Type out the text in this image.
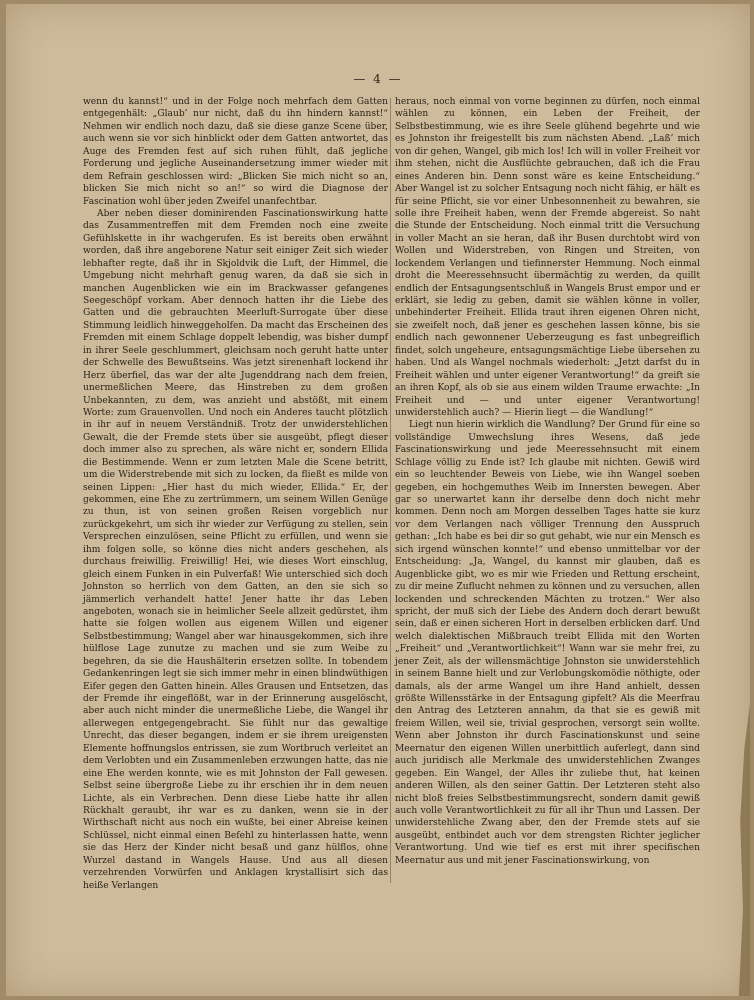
— 4 —

wenn du kannst!“ und in der Folge noch mehrfach dem Gatten entgegenhält: „Glaub’ nur nicht, daß du ihn hindern kannst!“ Nehmen wir endlich noch dazu, daß sie diese ganze Scene über, auch wenn sie vor sich hinblickt oder dem Gatten antwortet, das Auge des Fremden fest auf sich ruhen fühlt, daß jegliche Forderung und jegliche Auseinandersetzung immer wieder mit dem Refrain geschlossen wird: „Blicken Sie mich nicht so an, blicken Sie mich nicht so an!“ so wird die Diagnose der Fascination wohl über jeden Zweifel unanfechtbar.

Aber neben dieser dominirenden Fascinationswirkung hatte das Zusammentreffen mit dem Fremden noch eine zweite Gefühlskette in ihr wachgerufen. Es ist bereits oben erwähnt worden, daß ihre angeborene Natur seit einiger Zeit sich wieder lebhafter regte, daß ihr in Skjoldvik die Luft, der Himmel, die Umgebung nicht mehrhaft genug waren, da daß sie sich in manchen Augenblicken wie ein im Brackwasser gefangenes Seegeschöpf vorkam. Aber dennoch hatten ihr die Liebe des Gatten und die gebrauchten Meerluft-Surrogate über diese Stimmung leidlich hinweggeholfen. Da macht das Erscheinen des Fremden mit einem Schlage doppelt lebendig, was bisher dumpf in ihrer Seele geschlummert, gleichsam noch geruht hatte unter der Schwelle des Bewußtseins. Was jetzt sirenenhaft lockend ihr Herz überfiel, das war der alte Jugenddrang nach dem freien, unermeßlichen Meere, das Hinstreben zu dem großen Unbekannten, zu dem, was anzieht und abstößt, mit einem Worte: zum Grauenvollen. Und noch ein Anderes taucht plötzlich in ihr auf in neuem Verständniß. Trotz der unwiderstehlichen Gewalt, die der Fremde stets über sie ausgeübt, pflegt dieser doch immer also zu sprechen, als wäre nicht er, sondern Ellida die Bestimmende. Wenn er zum letzten Male die Scene betritt, um die Widerstrebende mit sich zu locken, da fließt es milde von seinen Lippen: „Hier hast du mich wieder, Ellida.“ Er, der gekommen, eine Ehe zu zertrümmern, um seinem Willen Genüge zu thun, ist von seinen großen Reisen vorgeblich nur zurückgekehrt, um sich ihr wieder zur Verfügung zu stellen, sein Versprechen einzulösen, seine Pflicht zu erfüllen, und wenn sie ihm folgen solle, so könne dies nicht anders geschehen, als durchaus freiwillig. Freiwillig! Hei, wie dieses Wort einschlug, gleich einem Funken in ein Pulverfaß! Wie unterschied sich doch Johnston so herrlich von dem Gatten, an den sie sich so jämmerlich verhandelt hatte! Jener hatte ihr das Leben angeboten, wonach sie in heimlicher Seele allzeit gedürstet, ihm hatte sie folgen wollen aus eigenem Willen und eigener Selbstbestimmung; Wangel aber war hinausgekommen, sich ihre hülflose Lage zunutze zu machen und sie zum Weibe zu begehren, da sie die Haushälterin ersetzen sollte. In tobendem Gedankenringen legt sie sich immer mehr in einen blindwüthigen Eifer gegen den Gatten hinein. Alles Grausen und Entsetzen, das der Fremde ihr eingeflößt, war in der Erinnerung ausgelöscht, aber auch nicht minder die unermeßliche Liebe, die Wangel ihr allerwegen entgegengebracht. Sie fühlt nur das gewaltige Unrecht, das dieser begangen, indem er sie ihrem ureigensten Elemente hoffnungslos entrissen, sie zum Wortbruch verleitet an dem Verlobten und ein Zusammenleben erzwungen hatte, das nie eine Ehe werden konnte, wie es mit Johnston der Fall gewesen. Selbst seine übergroße Liebe zu ihr erschien ihr in dem neuen Lichte, als ein Verbrechen. Denn diese Liebe hatte ihr allen Rückhalt geraubt, ihr war es zu danken, wenn sie in der Wirthschaft nicht aus noch ein wußte, bei einer Abreise keinen Schlüssel, nicht einmal einen Befehl zu hinterlassen hatte, wenn sie das Herz der Kinder nicht besaß und ganz hülflos, ohne Wurzel dastand in Wangels Hause. Und aus all diesen verzehrenden Vorwürfen und Anklagen krystallisirt sich das heiße Verlangen

heraus, noch einmal von vorne beginnen zu dürfen, noch einmal wählen zu können, ein Leben der Freiheit, der Selbstbestimmung, wie es ihre Seele glühend begehrte und wie es Johnston ihr freigestellt bis zum nächsten Abend. „Laß’ mich von dir gehen, Wangel, gib mich los! Ich will in voller Freiheit vor ihm stehen, nicht die Ausflüchte gebrauchen, daß ich die Frau eines Anderen bin. Denn sonst wäre es keine Entscheidung.“ Aber Wangel ist zu solcher Entsagung noch nicht fähig, er hält es für seine Pflicht, sie vor einer Unbesonnenheit zu bewahren, sie solle ihre Freiheit haben, wenn der Fremde abgereist. So naht die Stunde der Entscheidung. Noch einmal tritt die Versuchung in voller Macht an sie heran, daß ihr Busen durchtobt wird von Wollen und Widerstreben, von Ringen und Streiten, von lockendem Verlangen und tiefinnerster Hemmung. Noch einmal droht die Meeressehnsucht übermächtig zu werden, da quillt endlich der Entsagungsentschluß in Wangels Brust empor und er erklärt, sie ledig zu geben, damit sie wählen könne in voller, unbehinderter Freiheit. Ellida traut ihren eigenen Ohren nicht, sie zweifelt noch, daß jener es geschehen lassen könne, bis sie endlich nach gewonnener Ueberzeugung es fast unbegreiflich findet, solch ungeheure, entsagungsmächtige Liebe übersehen zu haben. Und als Wangel nochmals wiederholt: „Jetzt darfst du in Freiheit wählen und unter eigener Verantwortung!“ da greift sie an ihren Kopf, als ob sie aus einem wilden Traume erwachte: „In Freiheit und — und unter eigener Verantwortung! unwiderstehlich auch? — Hierin liegt — die Wandlung!“

Liegt nun hierin wirklich die Wandlung? Der Grund für eine so vollständige Umwechslung ihres Wesens, daß jede Fascinationswirkung und jede Meeressehnsucht mit einem Schlage völlig zu Ende ist? Ich glaube mit nichten. Gewiß wird ein so leuchtender Beweis von Liebe, wie ihn Wangel soeben gegeben, ein hochgemuthes Weib im Innersten bewegen. Aber gar so unerwartet kann ihr derselbe denn doch nicht mehr kommen. Denn noch am Morgen desselben Tages hatte sie kurz vor dem Verlangen nach völliger Trennung den Ausspruch gethan: „Ich habe es bei dir so gut gehabt, wie nur ein Mensch es sich irgend wünschen konnte!“ und ebenso unmittelbar vor der Entscheidung: „Ja, Wangel, du kannst mir glauben, daß es Augenblicke gibt, wo es mir wie Frieden und Rettung erscheint, zu dir meine Zuflucht nehmen zu können und zu versuchen, allen lockenden und schreckenden Mächten zu trotzen.“ Wer also spricht, der muß sich der Liebe des Andern doch derart bewußt sein, daß er einen sicheren Hort in derselben erblicken darf. Und welch dialektischen Mißbrauch treibt Ellida mit den Worten „Freiheit“ und „Verantwortlichkeit“! Wann war sie mehr frei, zu jener Zeit, als der willensmächtige Johnston sie unwiderstehlich in seinem Banne hielt und zur Verlobungskomödie nöthigte, oder damals, als der arme Wangel um ihre Hand anhielt, dessen größte Willensstärke in der Entsagung gipfelt? Als die Meerfrau den Antrag des Letzteren annahm, da that sie es gewiß mit freiem Willen, weil sie, trivial gesprochen, versorgt sein wollte. Wenn aber Johnston ihr durch Fascinationskunst und seine Meernatur den eigenen Willen unerbittlich auferlegt, dann sind auch juridisch alle Merkmale des unwiderstehlichen Zwanges gegeben. Ein Wangel, der Alles ihr zuliebe thut, hat keinen anderen Willen, als den seiner Gattin. Der Letzteren steht also nicht bloß freies Selbstbestimmungsrecht, sondern damit gewiß auch volle Verantwortlichkeit zu für all ihr Thun und Lassen. Der unwiderstehliche Zwang aber, den der Fremde stets auf sie ausgeübt, entbindet auch vor dem strengsten Richter jeglicher Verantwortung. Und wie tief es erst mit ihrer specifischen Meernatur aus und mit jener Fascinationswirkung, von
